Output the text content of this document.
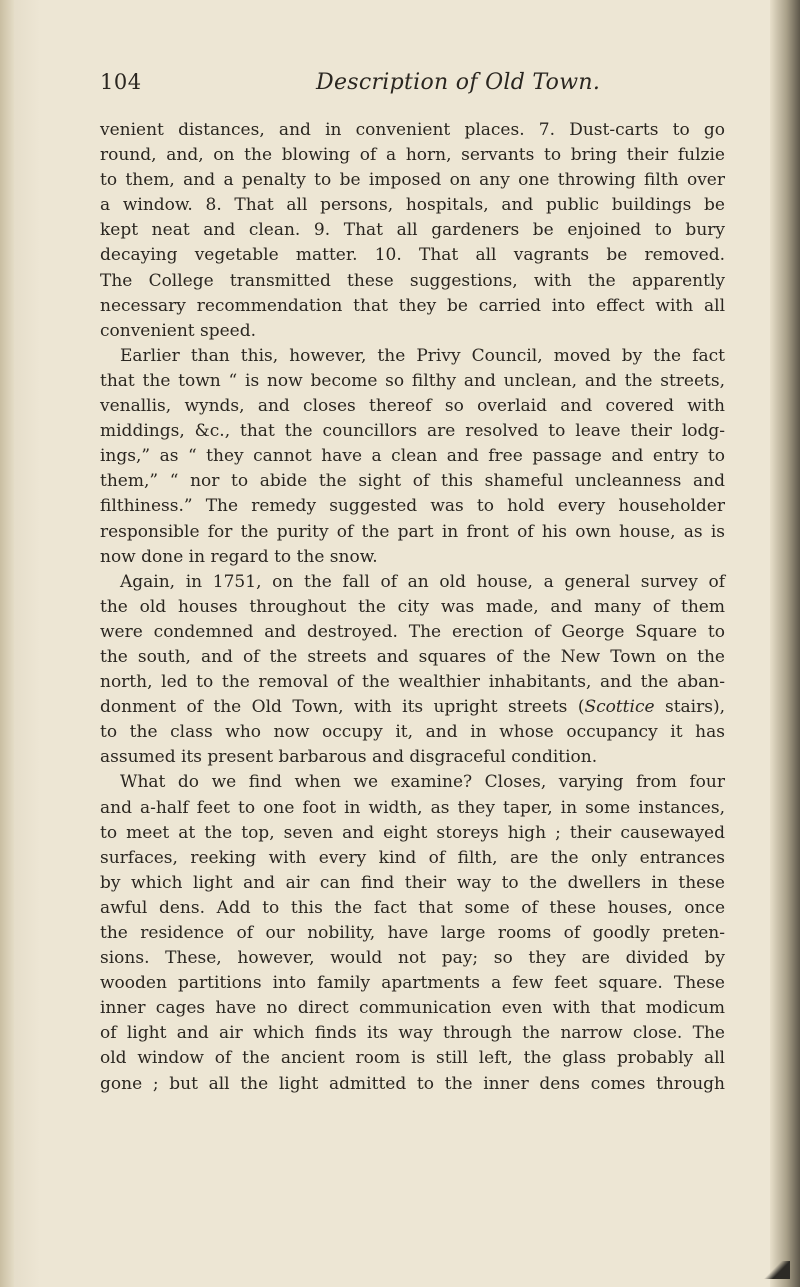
104	Description of Old Town.
venient distances, and in convenient places. 7. Dust-carts to go
round, and, on the blowing of a horn, servants to bring their fulzie
to them, and a penalty to be imposed on any one throwing filth over
a window. 8. That all persons, hospitals, and public buildings be
kept neat and clean. 9. That all gardeners be enjoined to bury
decaying vegetable matter. 10. That all vagrants be removed.
The College transmitted these suggestions, with the apparently
necessary recommendation that they be carried into effect with all
convenient speed.
Earlier than this, however, the Privy Council, moved by the fact
that the town “ is now become so filthy and unclean, and the streets,
venallis, wynds, and closes thereof so overlaid and covered with
middings, &c., that the councillors are resolved to leave their lodg-
ings,” as “ they cannot have a clean and free passage and entry to
them,” “ nor to abide the sight of this shameful uncleanness and
filthiness.” The remedy suggested was to hold every householder
responsible for the purity of the part in front of his own house, as is
now done in regard to the snow.
Again, in 1751, on the fall of an old house, a general survey of
the old houses throughout the city was made, and many of them
were condemned and destroyed. The erection of George Square to
the south, and of the streets and squares of the New Town on the
north, led to the removal of the wealthier inhabitants, and the aban-
donment of the Old Town, with its upright streets (Scottice stairs),
to the class who now occupy it, and in whose occupancy it has
assumed its present barbarous and disgraceful condition.
What do we find when we examine? Closes, varying from four
and a-half feet to one foot in width, as they taper, in some instances,
to meet at the top, seven and eight storeys high ; their causewayed
surfaces, reeking with every kind of filth, are the only entrances
by which light and air can find their way to the dwellers in these
awful dens. Add to this the fact that some of these houses, once
the residence of our nobility, have large rooms of goodly preten-
sions. These, however, would not pay; so they are divided by
wooden partitions into family apartments a few feet square. These
inner cages have no direct communication even with that modicum
of light and air which finds its way through the narrow close. The
old window of the ancient room is still left, the glass probably all
gone ; but all the light admitted to the inner dens comes through
